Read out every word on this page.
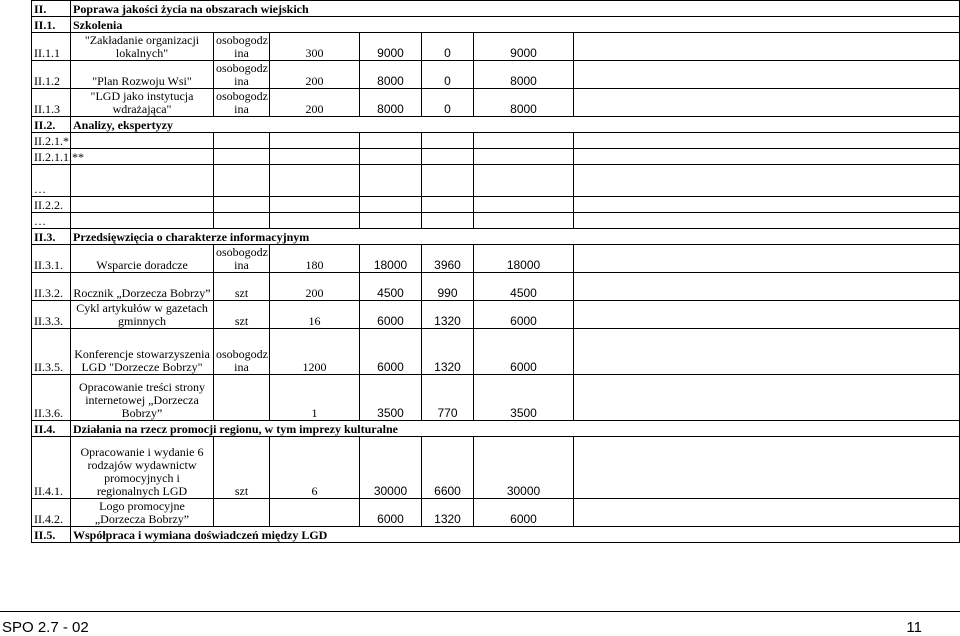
II.	Poprawa jakości życia na obszarach wiejskich						
II.1.	Szkolenia						
II.1.1	"Zakładanie organizacji lokalnych"	osobogodz ina	300	9000	0	9000	
II.1.2	"Plan Rozwoju Wsi"	osobogodz ina	200	8000	0	8000	
II.1.3	"LGD jako instytucja wdrażająca"	osobogodz ina	200	8000	0	8000	
II.2.	Analizy, ekspertyzy						
II.2.1.*							
II.2.1.1.**							
…							
II.2.2.							
…							
II.3.	Przedsięwzięcia o charakterze informacyjnym						
II.3.1.	Wsparcie doradcze	osobogodz ina	180	18000	3960	18000	
II.3.2.	Rocznik „Dorzecza Bobrzy”	szt	200	4500	990	4500	
II.3.3.	Cykl artykułów w gazetach gminnych	szt	16	6000	1320	6000	
II.3.5.	Konferencje stowarzyszenia LGD "Dorzecze Bobrzy"	osobogodz ina	1200	6000	1320	6000	
II.3.6.	Opracowanie treści strony internetowej „Dorzecza Bobrzy”		1	3500	770	3500	
II.4.	Działania na rzecz promocji regionu, w tym imprezy kulturalne						
II.4.1.	Opracowanie i wydanie 6 rodzajów wydawnictw promocyjnych i regionalnych LGD	szt	6	30000	6600	30000	
II.4.2.	Logo promocyjne „Dorzecza Bobrzy”			6000	1320	6000	
II.5.	Współpraca i wymiana doświadczeń między LGD						
SPO 2.7 - 02	11
